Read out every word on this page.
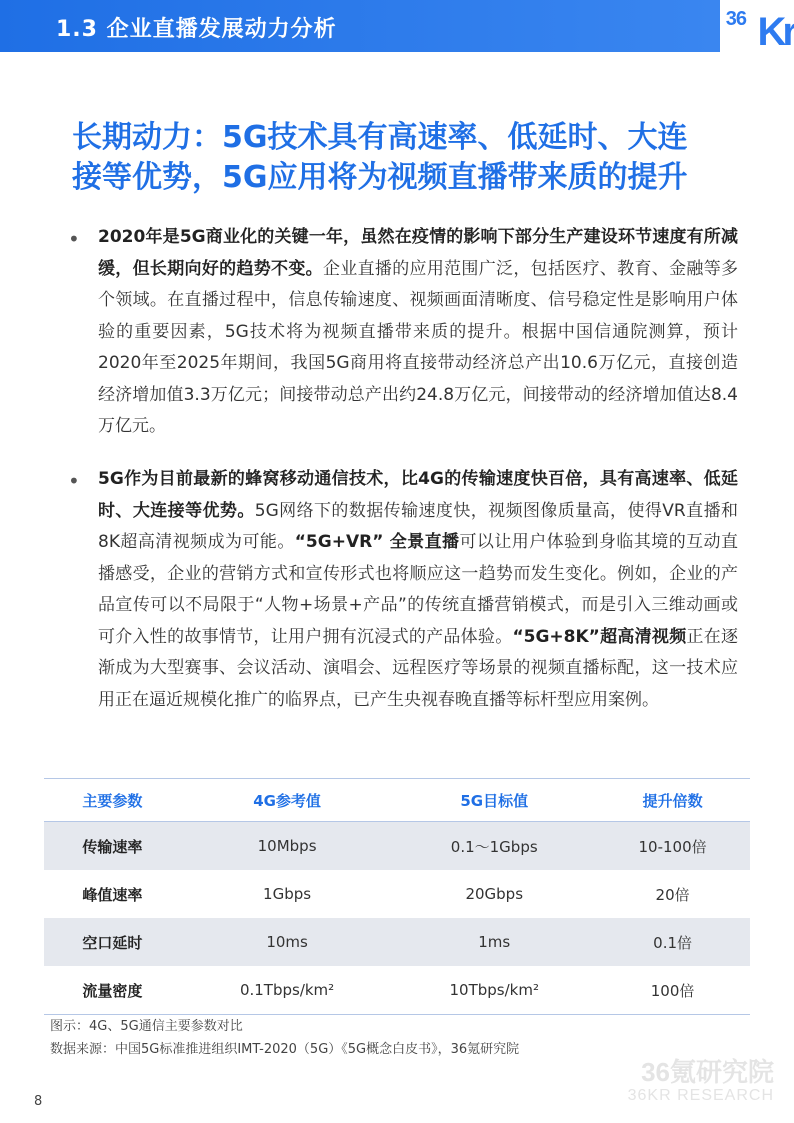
1.3 企业直播发展动力分析	36 Kr
长期动力：5G技术具有高速率、低延时、大连
接等优势，5G应用将为视频直播带来质的提升
• 2020年是5G商业化的关键一年，虽然在疫情的影响下部分生产建设环节速度有所减缓，但长期向好的趋势不变。企业直播的应用范围广泛，包括医疗、教育、金融等多个领域。在直播过程中，信息传输速度、视频画面清晰度、信号稳定性是影响用户体验的重要因素，5G技术将为视频直播带来质的提升。根据中国信通院测算，预计2020年至2025年期间，我国5G商用将直接带动经济总产出10.6万亿元，直接创造经济增加值3.3万亿元；间接带动总产出约24.8万亿元，间接带动的经济增加值达8.4万亿元。
• 5G作为目前最新的蜂窝移动通信技术，比4G的传输速度快百倍，具有高速率、低延时、大连接等优势。5G网络下的数据传输速度快，视频图像质量高，使得VR直播和8K超高清视频成为可能。“5G+VR” 全景直播可以让用户体验到身临其境的互动直播感受，企业的营销方式和宣传形式也将顺应这一趋势而发生变化。例如，企业的产品宣传可以不局限于“人物+场景+产品”的传统直播营销模式，而是引入三维动画或可介入性的故事情节，让用户拥有沉浸式的产品体验。“5G+8K”超高清视频正在逐渐成为大型赛事、会议活动、演唱会、远程医疗等场景的视频直播标配，这一技术应用正在逼近规模化推广的临界点，已产生央视春晚直播等标杆型应用案例。
主要参数	4G参考值	5G目标值	提升倍数
传输速率	10Mbps	0.1～1Gbps	10-100倍
峰值速率	1Gbps	20Gbps	20倍
空口延时	10ms	1ms	0.1倍
流量密度	0.1Tbps/km²	10Tbps/km²	100倍
图示：4G、5G通信主要参数对比
数据来源：中国5G标准推进组织IMT-2020（5G）《5G概念白皮书》，36氪研究院
36氪研究院
36KR RESEARCH
8
